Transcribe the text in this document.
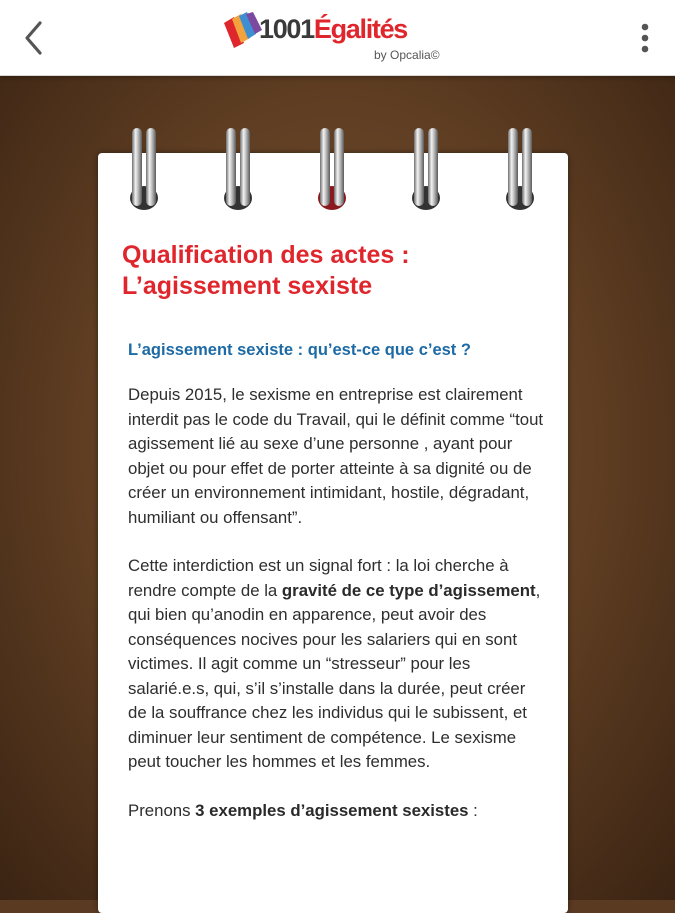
1001Égalités
by Opcalia©
Qualification des actes :
L’agissement sexiste
L’agissement sexiste : qu’est-ce que c’est ?

Depuis 2015, le sexisme en entreprise est clairement interdit pas le code du Travail, qui le définit comme “tout agissement lié au sexe d’une personne , ayant pour objet ou pour effet de porter atteinte à sa dignité ou de créer un environnement intimidant, hostile, dégradant, humiliant ou offensant”.

Cette interdiction est un signal fort : la loi cherche à rendre compte de la gravité de ce type d’agissement, qui bien qu’anodin en apparence, peut avoir des conséquences nocives pour les salariers qui en sont victimes. Il agit comme un “stresseur” pour les salarié.e.s, qui, s’il s’installe dans la durée, peut créer de la souffrance chez les individus qui le subissent, et diminuer leur sentiment de compétence. Le sexisme peut toucher les hommes et les femmes.

Prenons 3 exemples d’agissement sexistes :
